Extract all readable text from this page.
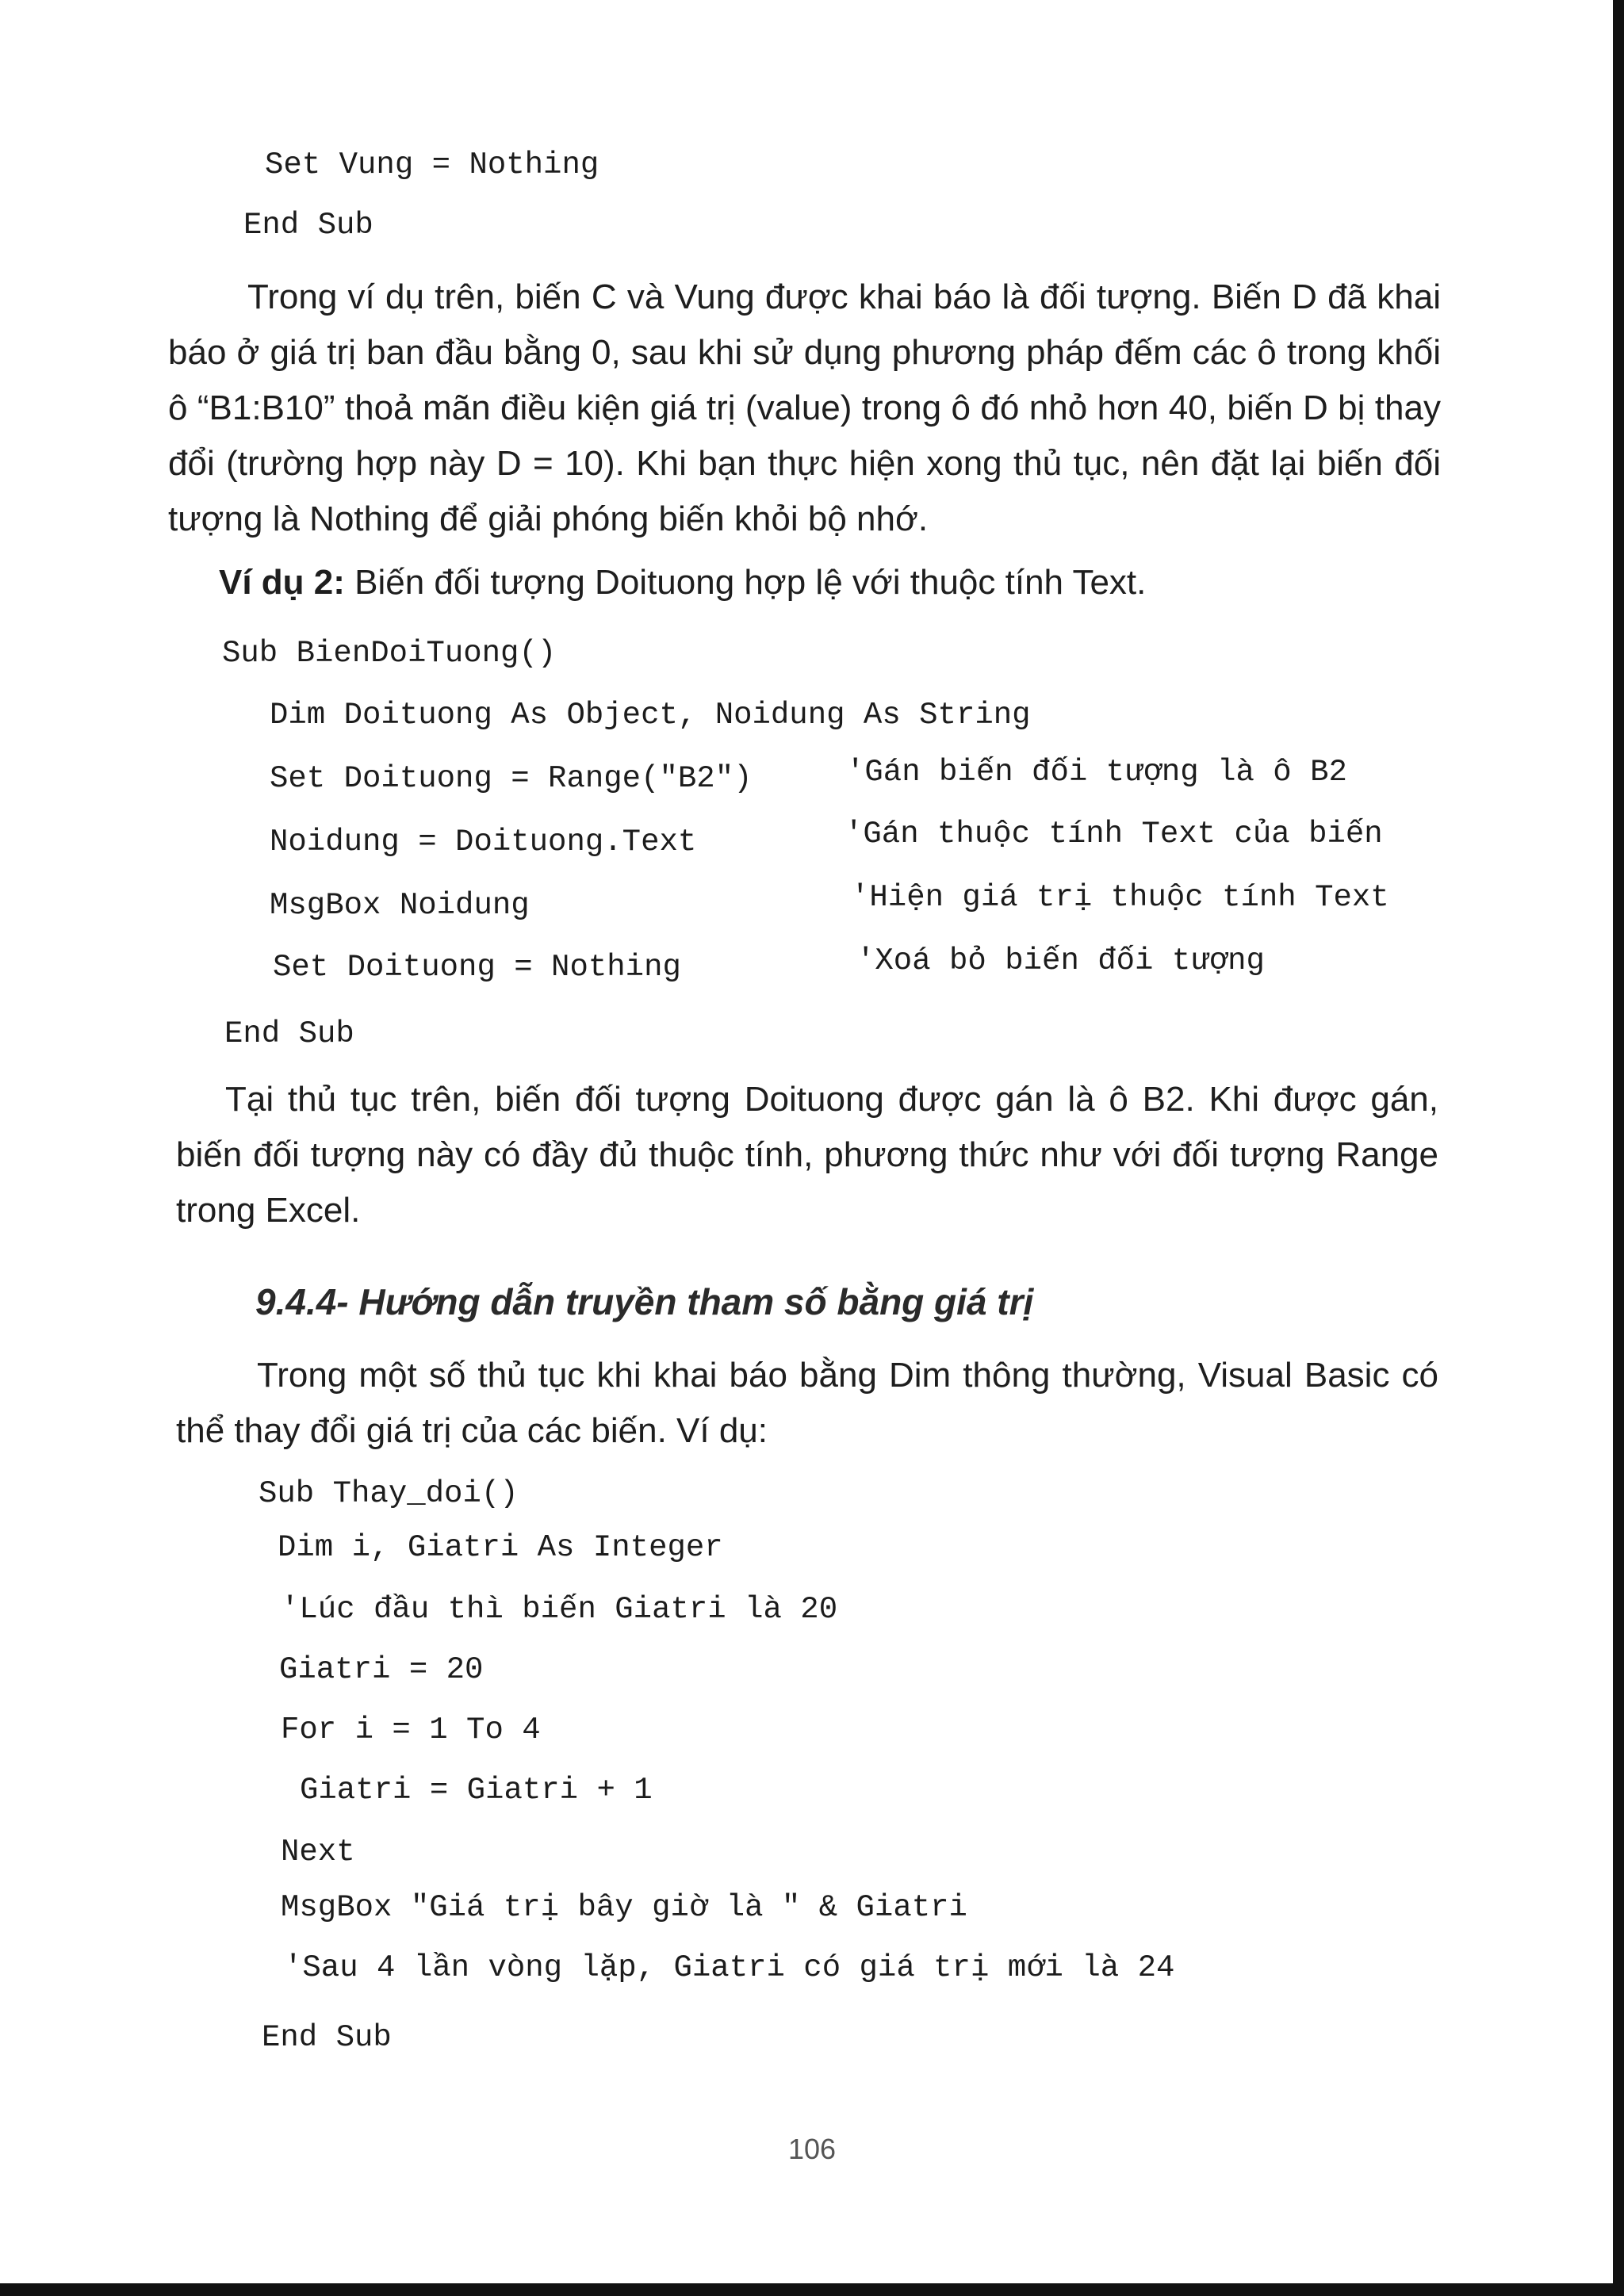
Set Vung = Nothing
End Sub

Trong ví dụ trên, biến C và Vung được khai báo là đối tượng. Biến D đã khai báo ở giá trị ban đầu bằng 0, sau khi sử dụng phương pháp đếm các ô trong khối ô “B1:B10” thoả mãn điều kiện giá trị (value) trong ô đó nhỏ hơn 40, biến D bị thay đổi (trường hợp này D = 10). Khi bạn thực hiện xong thủ tục, nên đặt lại biến đối tượng là Nothing để giải phóng biến khỏi bộ nhớ.

Ví dụ 2: Biến đối tượng Doituong hợp lệ với thuộc tính Text.
Sub BienDoiTuong()
Dim Doituong As Object, Noidung As String
Set Doituong = Range("B2")	'Gán biến đối tượng là ô B2
Noidung = Doituong.Text	'Gán thuộc tính Text của biến
MsgBox Noidung	'Hiện giá trị thuộc tính Text
Set Doituong = Nothing	'Xoá bỏ biến đối tượng
End Sub

Tại thủ tục trên, biến đối tượng Doituong được gán là ô B2. Khi được gán, biến đối tượng này có đầy đủ thuộc tính, phương thức như với đối tượng Range trong Excel.

9.4.4- Hướng dẫn truyền tham số bằng giá trị

Trong một số thủ tục khi khai báo bằng Dim thông thường, Visual Basic có thể thay đổi giá trị của các biến. Ví dụ:

Sub Thay_doi()
Dim i, Giatri As Integer
'Lúc đầu thì biến Giatri là 20
Giatri = 20
For i = 1 To 4
Giatri = Giatri + 1
Next
MsgBox "Giá trị bây giờ là " & Giatri
'Sau 4 lần vòng lặp, Giatri có giá trị mới là 24
End Sub
106
